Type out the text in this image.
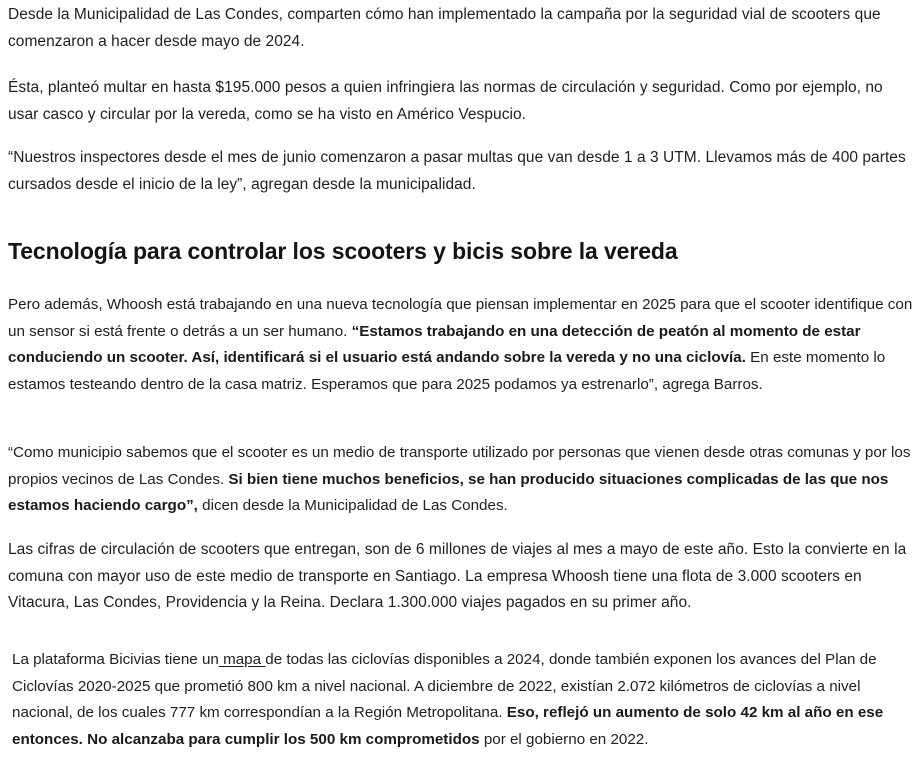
Desde la Municipalidad de Las Condes, comparten cómo han implementado la campaña por la seguridad vial de scooters que comenzaron a hacer desde mayo de 2024.

Ésta, planteó multar en hasta $195.000 pesos a quien infringiera las normas de circulación y seguridad. Como por ejemplo, no usar casco y circular por la vereda, como se ha visto en Américo Vespucio.

“Nuestros inspectores desde el mes de junio comenzaron a pasar multas que van desde 1 a 3 UTM. Llevamos más de 400 partes cursados desde el inicio de la ley”, agregan desde la municipalidad.

Tecnología para controlar los scooters y bicis sobre la vereda

Pero además, Whoosh está trabajando en una nueva tecnología que piensan implementar en 2025 para que el scooter identifique con un sensor si está frente o detrás a un ser humano. “Estamos trabajando en una detección de peatón al momento de estar conduciendo un scooter. Así, identificará si el usuario está andando sobre la vereda y no una ciclovía. En este momento lo estamos testeando dentro de la casa matriz. Esperamos que para 2025 podamos ya estrenarlo”, agrega Barros.

“Como municipio sabemos que el scooter es un medio de transporte utilizado por personas que vienen desde otras comunas y por los propios vecinos de Las Condes. Si bien tiene muchos beneficios, se han producido situaciones complicadas de las que nos estamos haciendo cargo”, dicen desde la Municipalidad de Las Condes.

Las cifras de circulación de scooters que entregan, son de 6 millones de viajes al mes a mayo de este año. Esto la convierte en la comuna con mayor uso de este medio de transporte en Santiago. La empresa Whoosh tiene una flota de 3.000 scooters en Vitacura, Las Condes, Providencia y la Reina. Declara 1.300.000 viajes pagados en su primer año.

La plataforma Bicivias tiene un mapa de todas las ciclovías disponibles a 2024, donde también exponen los avances del Plan de Ciclovías 2020-2025 que prometió 800 km a nivel nacional. A diciembre de 2022, existían 2.072 kilómetros de ciclovías a nivel nacional, de los cuales 777 km correspondían a la Región Metropolitana. Eso, reflejó un aumento de solo 42 km al año en ese entonces. No alcanzaba para cumplir los 500 km comprometidos por el gobierno en 2022.
